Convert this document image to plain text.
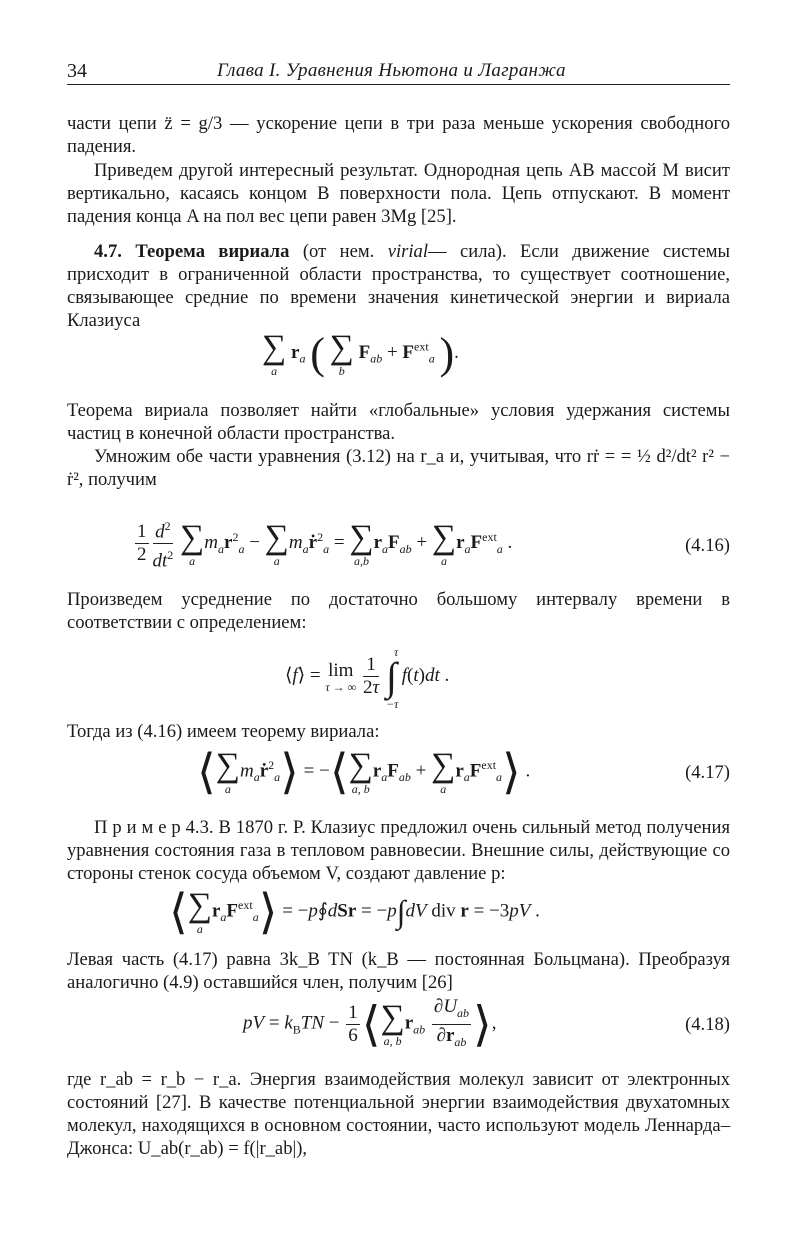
34	Глава I. Уравнения Ньютона и Лагранжа

части цепи z̈ = g/3 — ускорение цепи в три раза меньше ускорения свободного падения.

Приведем другой интересный результат. Однородная цепь AB массой M висит вертикально, касаясь концом B поверхности пола. Цепь отпускают. В момент падения конца A на пол вес цепи равен 3Mg [25].

4.7. Теорема вириала (от нем. virial— сила). Если движение системы присходит в ограниченной области пространства, то существует соотношение, связывающее средние по времени значения кинетической энергии и вириала Клазиуса

∑
a
$r_a$ ( ∑
b
$F_{ab} + F^{ext}_a$ ).

Теорема вириала позволяет найти «глобальные» условия удержания системы частиц в конечной области пространства.

Умножим обе части уравнения (3.12) на r_a и, учитывая, что rṙ = = ½ d²/dt² r² − ṙ², получим

$\frac{1}{2} \frac{d^2}{dt^2}$
∑
a
$m_ar^2_a$ − ∑
a
$m_aṙ^2_a$ = ∑
a,b
$r_aF_{ab}$ + ∑
a
$r_aF^{ext}_a$ .	(4.16)

Произведем усреднение по достаточно большому интервалу времени в соответствии с определением:

⟨f⟩ = lim
τ → ∞
$\frac{1}{2\tau}$

τ
∫
−τ
f(t)dt .

Тогда из (4.16) имеем теорему вириала:

⟨ ∑
a
$m_aṙ^2_a⟩$ = −⟨ ∑
a, b
$r_aF_{ab}$ + ∑
a
$r_aF^{ext}_a⟩$ .	(4.17)

П р и м е р 4.3. В 1870 г. Р. Клазиус предложил очень сильный метод получения уравнения состояния газа в тепловом равновесии. Внешние силы, действующие со стороны стенок сосуда объемом V, создают давление p:

⟨ ∑
a
$r_aF^{ext}_a⟩$ = −p∮dSr = −p∫dV div r = −3pV .

Левая часть (4.17) равна 3k_B TN (k_B — постоянная Больцмана). Преобразуя аналогично (4.9) оставшийся член, получим [26]

pV = $k_BTN - \frac{1}{6}$ ⟨ ∑
a, b
$r_{ab} \frac{\partial U_{ab}}{\partial r_{ab}}$ ⟩,	(4.18)

где r_ab = r_b − r_a. Энергия взаимодействия молекул зависит от электронных состояний [27]. В качестве потенциальной энергии взаимодействия двухатомных молекул, находящихся в основном состоянии, часто используют модель Леннарда–Джонса: U_ab(r_ab) = f(|r_ab|),
